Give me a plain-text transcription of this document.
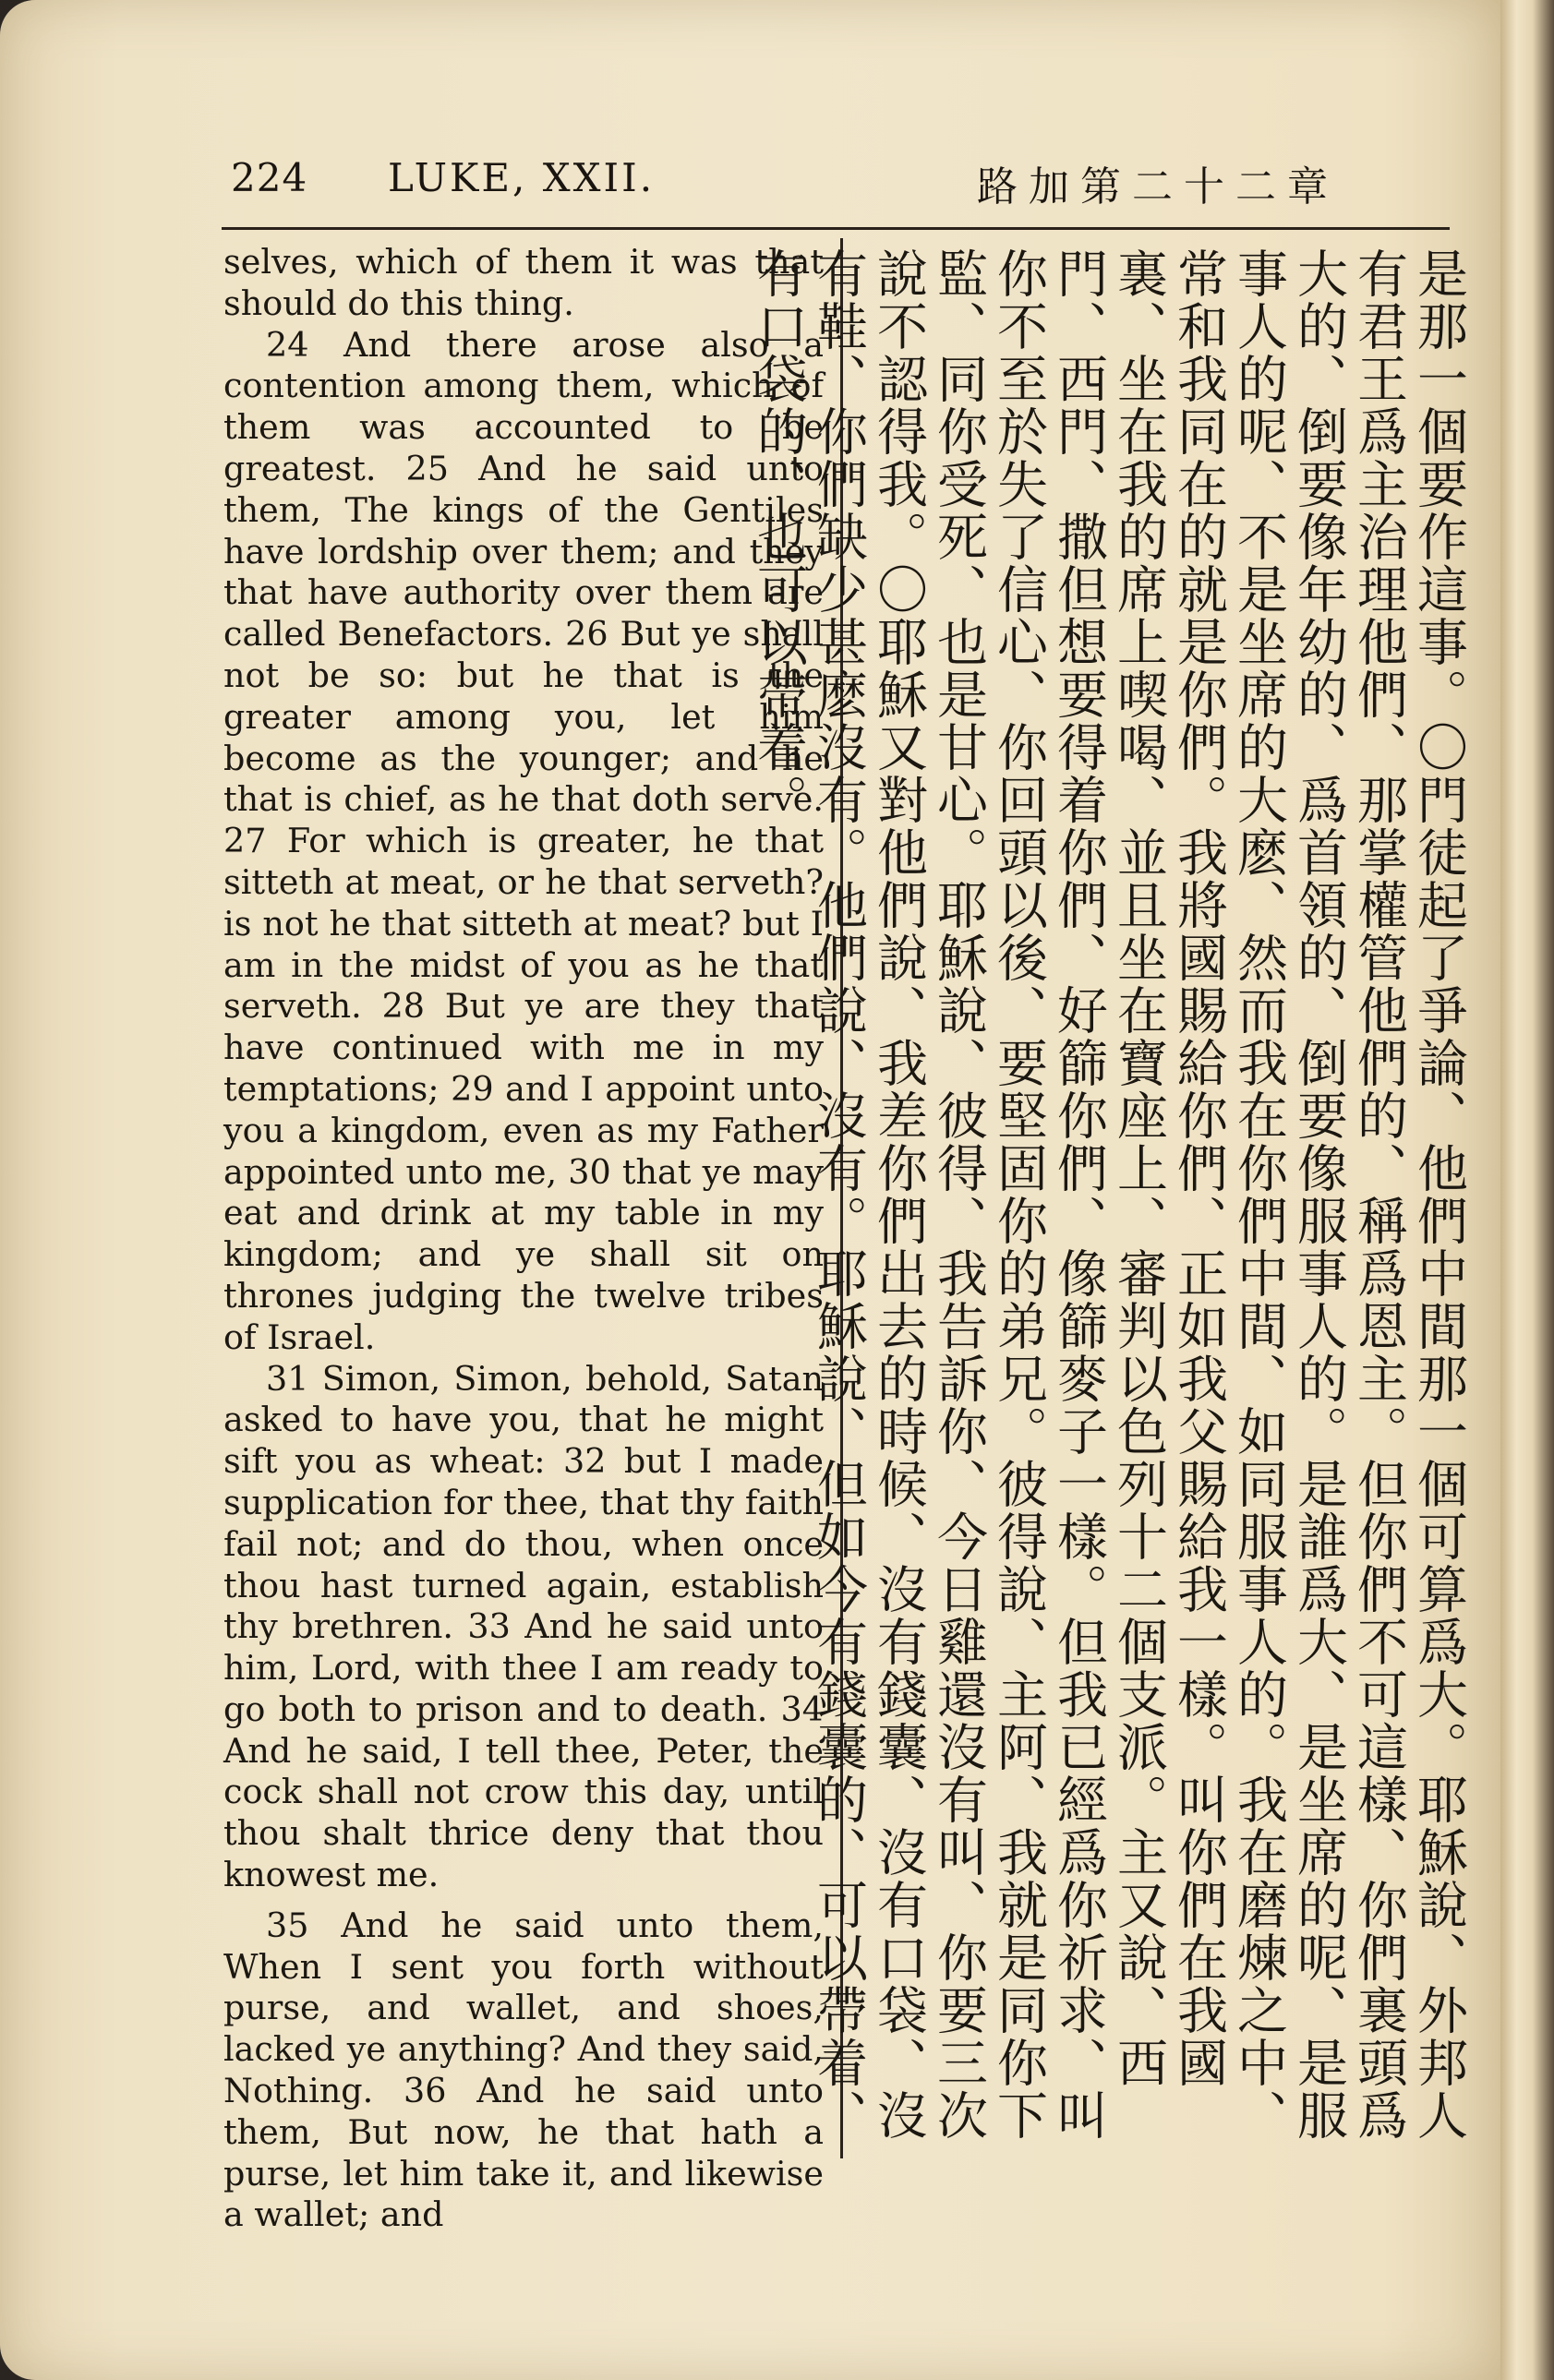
224 LUKE, XXII.	路加第二十二章

selves, which of them it was that should do this thing.

24 And there arose also a contention among them, which of them was accounted to be greatest. 25 And he said unto them, The kings of the Gentiles have lordship over them; and they that have authority over them are called Benefactors. 26 But ye shall not be so: but he that is the greater among you, let him become as the younger; and he that is chief, as he that doth serve. 27 For which is greater, he that sitteth at meat, or he that serveth? is not he that sitteth at meat? but I am in the midst of you as he that serveth. 28 But ye are they that have continued with me in my temptations; 29 and I appoint unto you a kingdom, even as my Father appointed unto me, 30 that ye may eat and drink at my table in my kingdom; and ye shall sit on thrones judging the twelve tribes of Israel.

31 Simon, Simon, behold, Satan asked to have you, that he might sift you as wheat: 32 but I made supplication for thee, that thy faith fail not; and do thou, when once thou hast turned again, establish thy brethren. 33 And he said unto him, Lord, with thee I am ready to go both to prison and to death. 34 And he said, I tell thee, Peter, the cock shall not crow this day, until thou shalt thrice deny that thou knowest me.

35 And he said unto them, When I sent you forth without purse, and wallet, and shoes, lacked ye anything? And they said, Nothing. 36 And he said unto them, But now, he that hath a purse, let him take it, and likewise a wallet; and

是那一個要作這事。〇門徒起了爭論、他們中間那一個可算爲大。耶穌說、外邦人有君王爲主治理他們、那掌權管他們的、稱爲恩主。但你們不可這樣、你們裏頭爲大的、倒要像年幼的、爲首領的、倒要像服事人的。是誰爲大、是坐席的呢、是服事人的呢、不是坐席的大麽、然而我在你們中間、如同服事人的。我在磨煉之中、常和我同在的就是你們。我將國賜給你們、正如我父賜給我一樣。叫你們在我國裏、坐在我的席上喫喝、並且坐在寶座上、審判以色列十二個支派。主又說、西門、西門、撒但想要得着你們、好篩你們、像篩麥子一樣。但我已經爲你祈求、叫你不至於失了信心、你回頭以後、要堅固你的弟兄。彼得說、主阿、我就是同你下監、同你受死、也是甘心。耶穌說、彼得、我告訴你、今日雞還沒有叫、你要三次說不認得我。〇耶穌又對他們說、我差你們出去的時候、沒有錢囊、沒有口袋、沒有鞋、你們缺少甚麽沒有。他們說、沒有。耶穌說、但如今有錢囊的、可以帶着、有口袋的、也可以帶着。
